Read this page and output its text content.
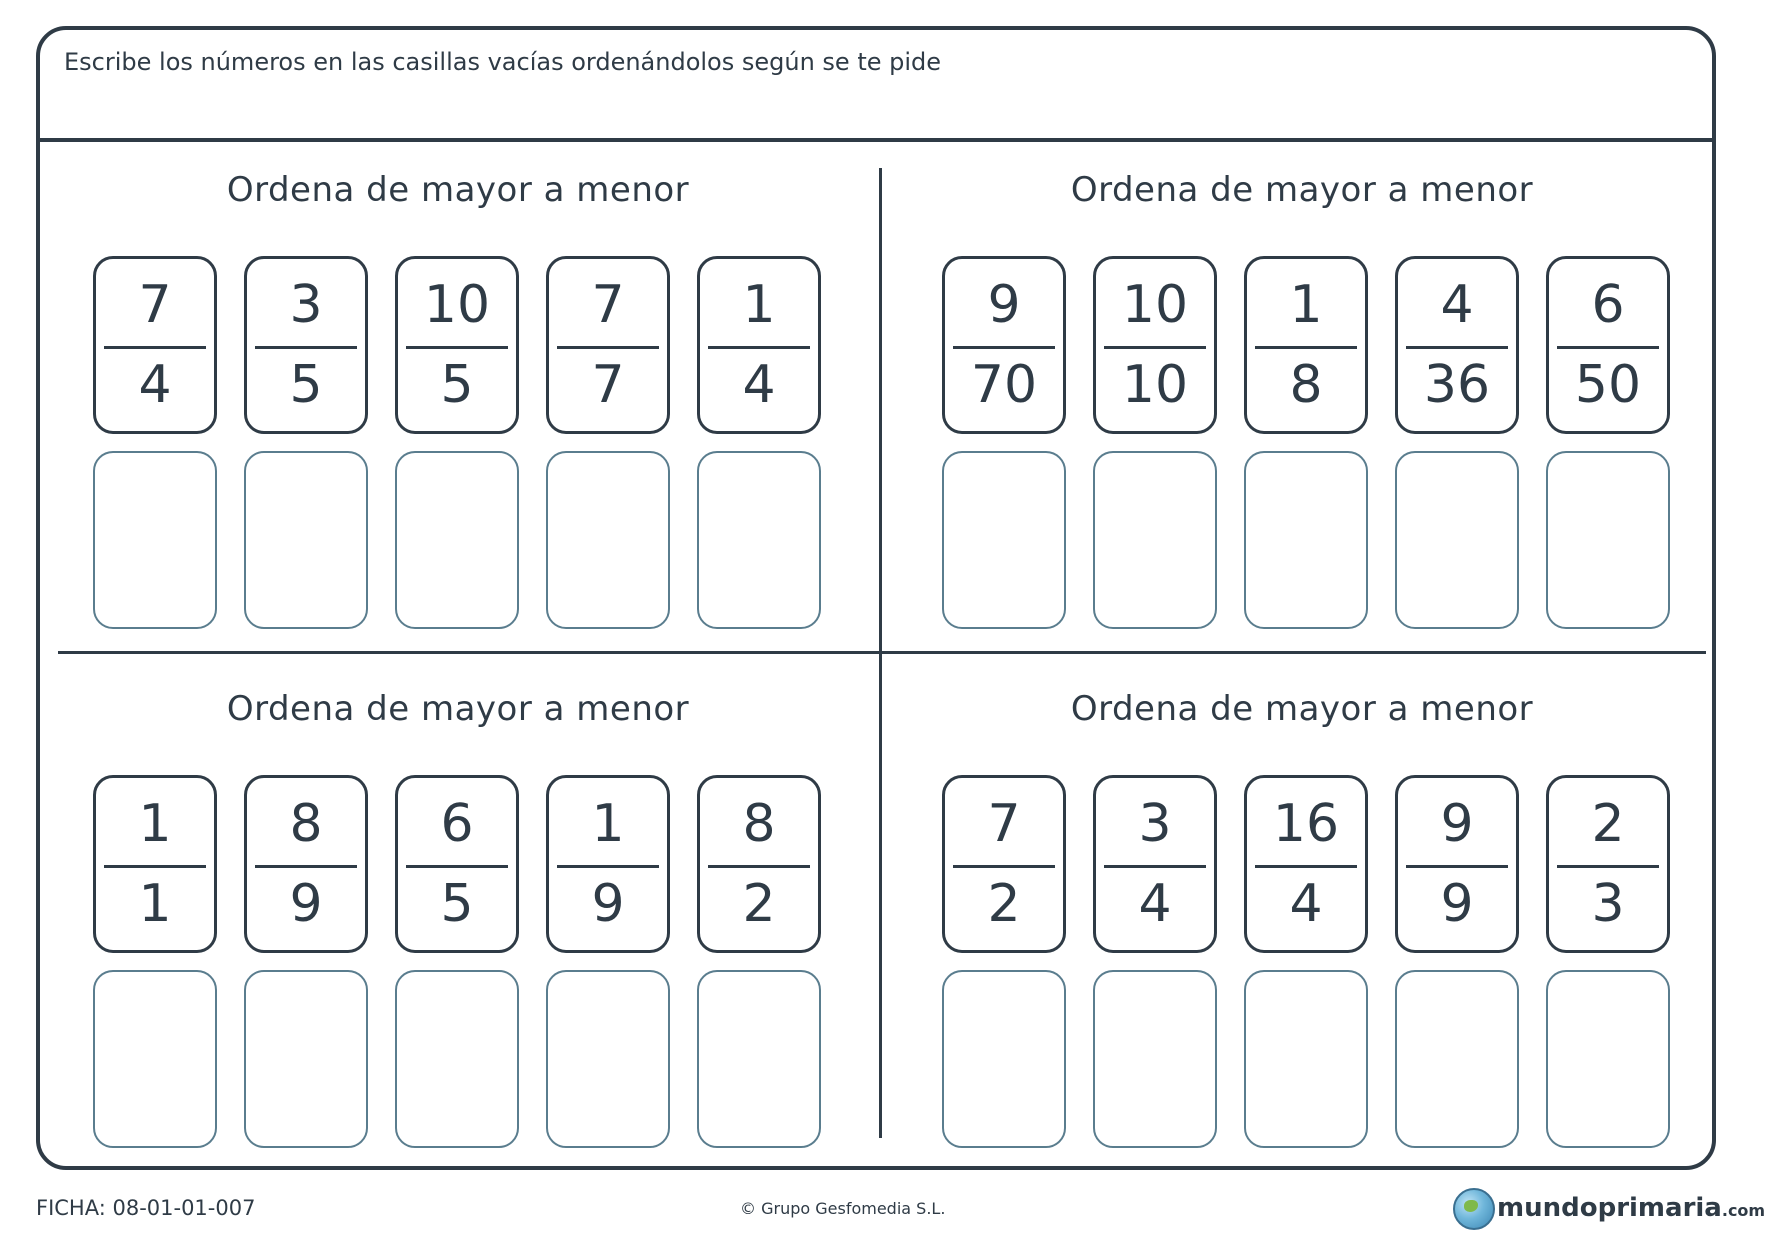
Escribe los números en las casillas vacías ordenándolos según se te pide
Ordena de mayor a menor
7
4
3
5
10
5
7
7
1
4
Ordena de mayor a menor
9
70
10
10
1
8
4
36
6
50
Ordena de mayor a menor
1
1
8
9
6
5
1
9
8
2
Ordena de mayor a menor
7
2
3
4
16
4
9
9
2
3
FICHA: 08-01-01-007	© Grupo Gesfomedia S.L.	mundoprimaria.com
